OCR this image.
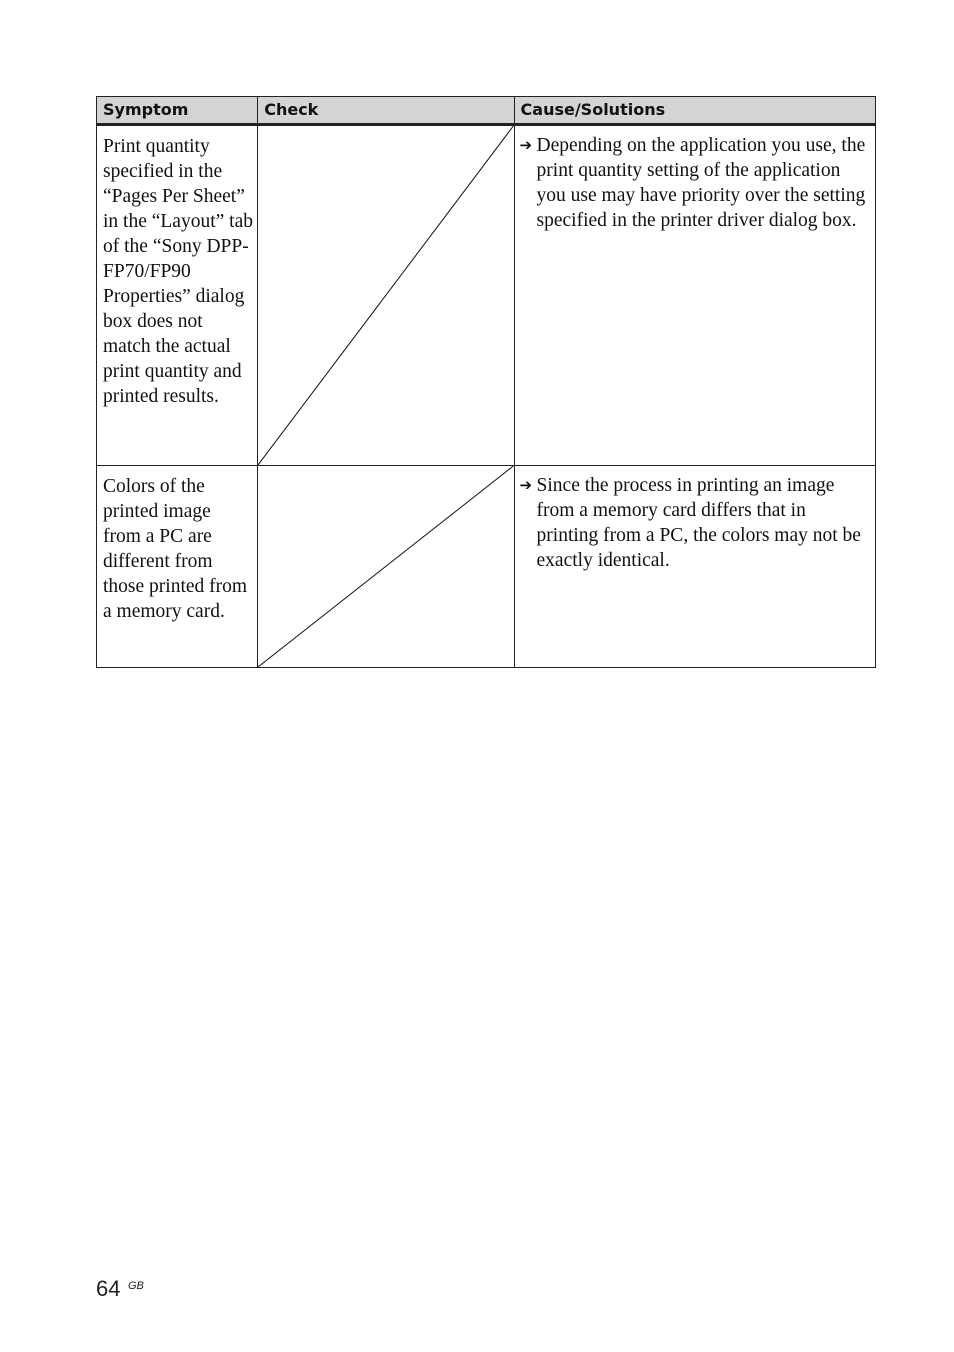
Symptom	Check	Cause/Solutions
Print quantity specified in the “Pages Per Sheet” in the “Layout” tab of the “Sony DPP-FP70/FP90 Properties” dialog box does not match the actual print quantity and printed results.		➔ Depending on the application you use, the print quantity setting of the application you use may have priority over the setting specified in the printer driver dialog box.

Colors of the printed image from a PC are different from those printed from a memory card.		➔ Since the process in printing an image from a memory card differs that in printing from a PC, the colors may not be exactly identical.
64 GB
